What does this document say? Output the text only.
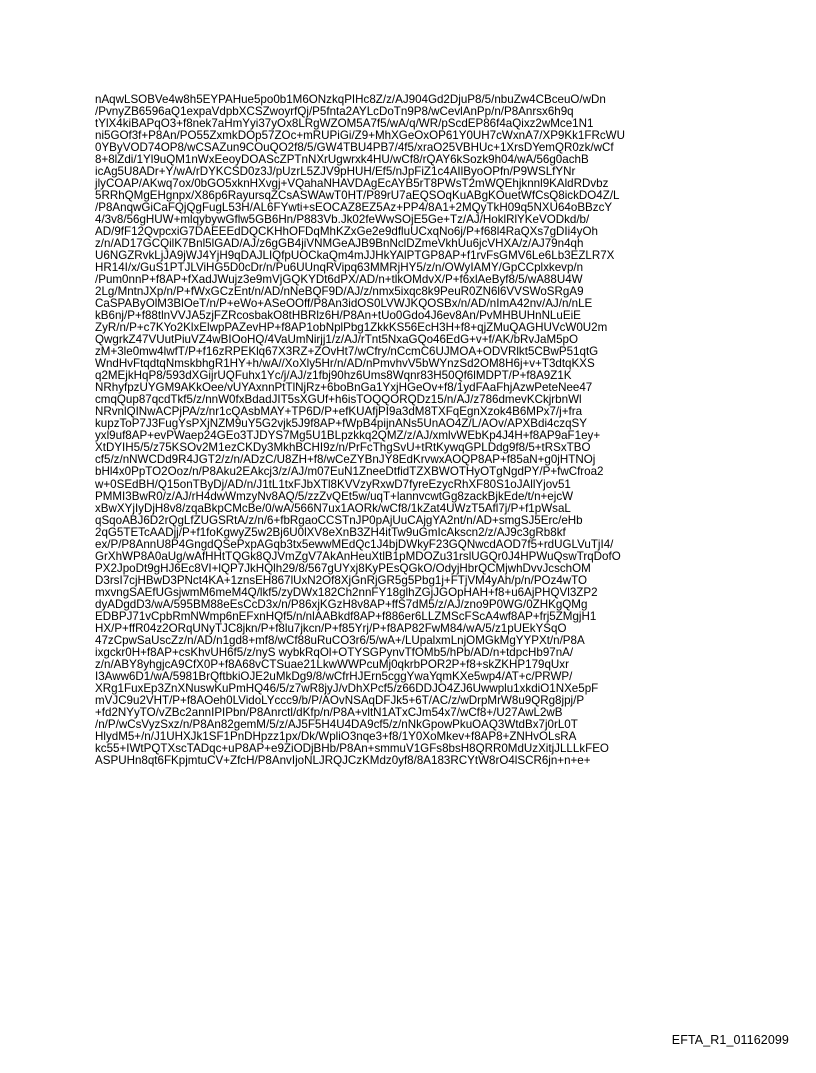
nAqwLSOBVe4w8h5EYPAHue5po0b1M6ONzkqPIHc8Z/z/AJ904Gd2DjuP8/5/nbuZw4CBceuO/wDn
/PvnyZB6596aQ1expaVdpbXCSZwoyrfQj/P5fnta2AYLcDoTn9P8/wCevlAnPp/n/P8Anrsx6h9q
tYlX4kiBAPqO3+f8nek7aHmYyi37yOx8LRgWZOM5A7f5/wA/q/WR/pScdEP86f4aQixz2wMce1N1
ni5GOf3f+P8An/PO55ZxmkDOp57ZOc+mRUPiGi/Z9+MhXGeOxOP61Y0UH7cWxnA7/XP9Kk1FRcWU
0YByVOD74OP8/wCSAZun9COuQO2f8/5/GW4TBU4PB7/4f5/xraO25VBHUc+1XrsDYemQR0zk/wCf
8+8lZdi/1Yl9uQM1nWxEeoyDOAScZPTnNXrUgwrxk4HU/wCf8/rQAY6kSozk9h04/wA/56g0achB
icAg5U8ADr+Y/wA/rDYKCSD0z3J/pUzrL5ZJV9pHUH/Ef5/nJpFiZ1c4AIlByoOPfn/P9WSLfYNr
jlyCOAP/AKwq7ox/0bGO5xknHXvgj+VQahaNHAVDAgEcAYB5rT8PWsT2mWQEhjknnl9KAldRDvbz
5RRhQMgEHgnpx/X86p6RayursqZCsASWAwT0HT/P89rU7aEQSOqKuABgKOuetWfCsQ8ickDO4Z/L
/P8AnqwGiCaFQjQgFugL53H/AL6FYwti+sEOCAZ8EZ5Az+PP4/8A1+2MQyTkH09q5NXU64oBBzcY
4/3v8/56gHUW+mlqybywGflw5GB6Hn/P883Vb.Jk02feWwSOjE5Ge+Tz/AJ/HoklRlYKeVODkd/b/
AD/9fF12QvpcxiG7DAEEEdDQCKHhOFDqMhKZxGe2e9dfluUCxqNo6j/P+f68l4RaQXs7gDIi4yOh
z/n/AD17GCQilK7Bnl5lGAD/AJ/z6gGB4jiVNMGeAJB9BnNclDZmeVkhUu6jcVHXA/z/AJ79n4qh
U6NGZRvkLjJA9jWJ4YjH9qDAJLIQfpUOCkaQm4mJJHkYAlPTGP8AP+f1rvFsGMV6Le6Lb3EZLR7X
HR14I/x/GuS1PTJLViHG5D0cDr/n/Pu6UUnqRVipq63MMRjHY5/z/n/OWyIAMY/GpCCplxkevp/n
/Pum0nnP+f8AP+fXadJWujz3e9mVjGQKYDt6dPX/AD/n+tlkOMdvX/P+f6xlAeByf8/5/wA88U4W
2Lg/MntnJXp/n/P+fWxGCzEnt/n/AD/nNeBQF9D/AJ/z/nmx5ixqc8k9PeuR0ZN6l6VVSWoSRgA9
CaSPAByOlM3BlOeT/n/P+eWo+ASeOOff/P8An3idOS0LVWJKQOSBx/n/AD/nImA42nv/AJ/n/nLE
kB6nj/P+f88tlnVVJA5zjFZRcosbakO8tHBRlz6H/P8An+tUo0Gdo4J6ev8An/PvMHBUHnNLuEiE
ZyR/n/P+c7KYo2KlxElwpPAZevHP+f8AP1obNplPbg1ZkkKS56EcH3H+f8+qjZMuQAGHUVcW0U2m
QwgrkZ47VUutPiuVZ4wBIOoHQ/4VaUmNirjj1/z/AJ/rTnt5NxaGQo46EdG+v+f/AK/bRvJaM5pO
zM+3le0mw4lwfT/P+f16zRPEKlq67X3RZ+ZOvHt7/wCfry/nCcmC6UJMOA+ODVRlkt5CBwP51qtG
WndHvFtqdtqNmskbhgR1HY+h/wA//XoXly5Hr/n/AD/nPmvhvV5bWYnzSd2OM8H6j+v+T3dtqKXS
q2MEjkHqP8/593dXGijrUQFuhx1Yc/j/AJ/z1fbj90hz6Ums8Wqnr83H50Qf6lMDPT/P+f8A9Z1K
NRhyfpzUYGM9AKkOee/vUYAxnnPtTlNjRz+6boBnGa1YxjHGeOv+f8/1ydFAaFhjAzwPeteNee47
cmqQup87qcdTkf5/z/nnW0fxBdadJIT5sXGUf+h6isTOQQORQDz15/n/AJ/z786dmevKCkjrbnWl
NRvnlQINwACPjPA/z/nr1cQAsbMAY+TP6D/P+efKUAfjPI9a3dM8TXFqEgnXzok4B6MPx7/j+fra
kupzToP7J3FugYsPXjNZM9uY5G2vjk5J9f8AP+fWpB4pijnANs5UnAO4Z/L/AOv/APXBdi4czqSY
yxl9uf8AP+evPWaep24GEo3TJDYS7Mg5U1BLpzkkq2QMZ/z/AJ/xmlvWEbKp4J4H+f8AP9aF1ey+
XtDYIH5/5/z75KSOv2M1ezCKDy3MkhBCHI9z/n/PrFcThgSvU+tRtKywqGPLDdg9f8/5+tRSxTBO
cf5/z/nNWCDd9R4JGT2/z/n/ADzC/U8ZH+f8/wCeZYBnJY8EdKrvwxAOQP8AP+f85aN+g0jHTNOj
bHl4x0PpTO2Ooz/n/P8Aku2EAkcj3/z/AJ/m07EuN1ZneeDtfidTZXBWOTHyOTgNgdPY/P+fwCfroa2
w+0SEdBH/Q15onTByDj/AD/n/J1tL1txFJbXTl8KVVzyRxwD7fyreEzycRhXF80S1oJAllYjov51
PMMI3BwR0/z/AJ/rH4dwWmzyNv8AQ/5/zzZvQEt5w/uqT+lannvcwtGg8zackBjkEde/t/n+ejcW
xBwXYjIyDjH8v8/zqaBkpCMcBe/0/wA/566N7ux1AORk/wCf8/1kZat4UWzT5Afl7j/P+f1pWsaL
qSqoABJ6D2rQgLfZUGSRtA/z/n/6+fbRgaoCCSTnJP0pAjUuCAjgYA2nt/n/AD+smgSJ5Erc/eHb
2qG5TETcAADjj/P+f1foKgwyZ5w2Bj6U0lXV8eXnB3ZH4itTw9uGmIcAkscn2/z/AJ9c3gRb8kf
ex/P/P8AnnU8P4GngdQSePxpAGqb3tx5ewwMEdQc1J4bjDWkyF23GQNwcdAOD7f5+rdUGLVuTjI4/
GrXhWP8A0aUg/wAfHHtTQGk8QJVmZgV7AkAnHeuXtlB1pMDOZu31rslUGQr0J4HPWuQswTrqDofO
PX2JpoDt9gHJ6Ec8VI+lQP7JkHQlh29/8/567gUYxj8KyPEsQGkO/OdyjHbrQCMjwhDvvJcschOM
D3rsI7cjHBwD3PNct4KA+1znsEH867lUxN2Of8XjGnRjGR5g5Pbg1j+FTjVM4yAh/p/n/POz4wTO
mxvngSAEfUGsjwmM6meM4Q/lkf5/zyDWx182Ch2nnFY18glhZGjJGOpHAH+f8+u6AjPHQVl3ZP2
dyADgdD3/wA/595BM88eEsCcD3x/n/P86xjKGzH8v8AP+ffS7dM5/z/AJ/zno9P0WG/0ZHKgQMg
EDBPJ71vCpbRmNWmp6nEFxnHQf5/n/nlAABkdf8AP+f886er6LLZMScFScA4wf8AP+frj5ZMgjH1
HX/P+ffR04z2ORqUNyTJC8jkn/P+f8lu7jkcn/P+f85Yrj/P+f8AP82FwM84/wA/5/z1pUEkYSqO
47zCpwSaUscZz/n/AD/n1gd8+mf8/wCf88uRuCO3r6/5/wA+/LUpalxmLnjOMGkMgYYPXt/n/P8A
ixgckr0H+f8AP+csKhvUH6f5/z/nyS wybkRqOl+OTYSGPynvTfOMb5/hPb/AD/n+tdpcHb97nA/
z/n/ABY8yhgjcA9CfX0P+f8A68vCTSuae21LkwWWPcuMj0qkrbPOR2P+f8+skZKHP179qUxr
I3Aww6D1/wA/5981BrQftbkiOJE2uMkDg9/8/wCfrHJErn5cggYwaYqmKXe5wp4/AT+c/PRWP/
XRg1FuxEp3ZnXNuswKuPmHQ46/5/z7wR8jyJ/vDhXPcf5/z66DDJO4ZJ6Uwwplu1xkdiO1NXe5pF
mVJC9u2VHT/P+f8AOeh0LVidoLYccc9/b/P/AOvNSAqDFJk5+6T/AC/z/wDrpMrW8u9QRg8jpj/P
+fd2NYyTO/vZBc2annIPIPbn/P8Anrctl/dKfp/n/P8A+vltN1ATxCJm54x7/wCf8+/U27AwL2wB
/n/P/wCsVyzSxz/n/P8An82gemM/5/z/AJ5F5H4U4DA9cf5/z/nNkGpowPkuOAQ3WtdBx7j0rL0T
HlydM5+/n/J1UHXJk1SF1PnDHpzz1px/Dk/WpliO3nqe3+f8/1Y0XoMkev+f8AP8+ZNHvOLsRA
kc55+IWtPQTXscTADqc+uP8AP+e9ZiODjBHb/P8An+smmuV1GFs8bsH8QRR0MdUzXitjJLLLkFEO
ASPUHn8qt6FKpjmtuCV+ZfcH/P8AnvIjoNLJRQJCzKMdz0yf8/8A183RCYtW8rO4lSCR6jn+n+e+
EFTA_R1_01162099
